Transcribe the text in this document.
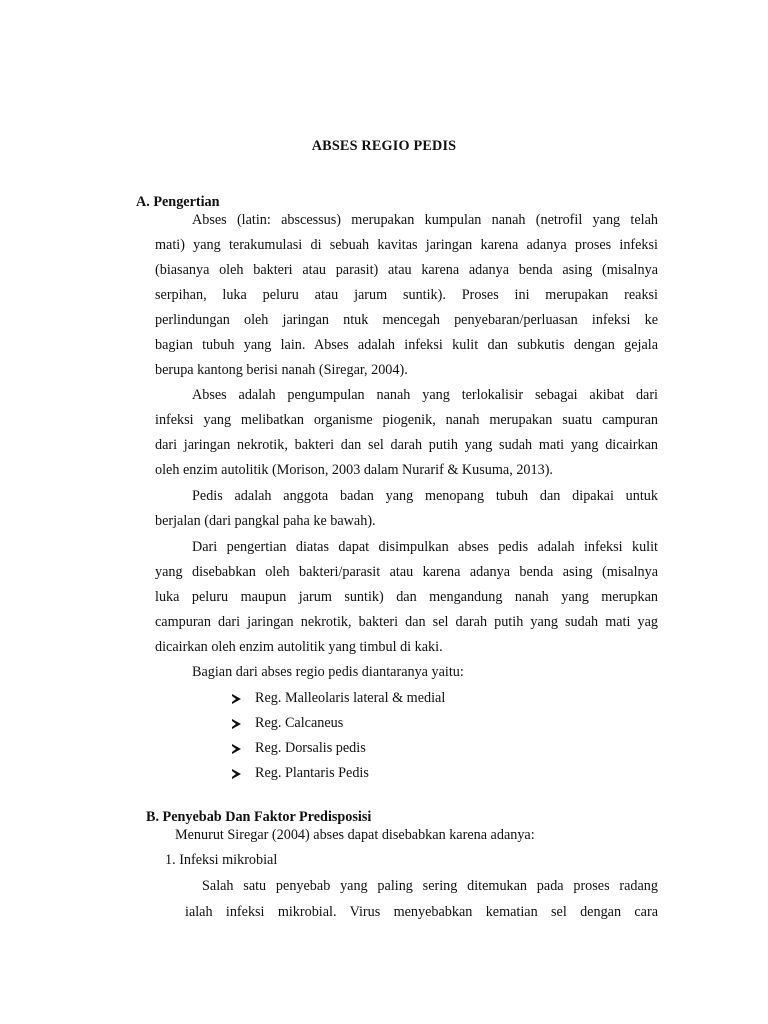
ABSES REGIO PEDIS
A. Pengertian
Abses (latin: abscessus) merupakan kumpulan nanah (netrofil yang telah
mati) yang terakumulasi di sebuah kavitas jaringan karena adanya proses infeksi
(biasanya oleh bakteri atau parasit) atau karena adanya benda asing (misalnya
serpihan, luka peluru atau jarum suntik). Proses ini merupakan reaksi
perlindungan oleh jaringan ntuk mencegah penyebaran/perluasan infeksi ke
bagian tubuh yang lain. Abses adalah infeksi kulit dan subkutis dengan gejala
berupa kantong berisi nanah (Siregar, 2004).
Abses adalah pengumpulan nanah yang terlokalisir sebagai akibat dari
infeksi yang melibatkan organisme piogenik, nanah merupakan suatu campuran
dari jaringan nekrotik, bakteri dan sel darah putih yang sudah mati yang dicairkan
oleh enzim autolitik (Morison, 2003 dalam Nurarif & Kusuma, 2013).
Pedis adalah anggota badan yang menopang tubuh dan dipakai untuk
berjalan (dari pangkal paha ke bawah).
Dari pengertian diatas dapat disimpulkan abses pedis adalah infeksi kulit
yang disebabkan oleh bakteri/parasit atau karena adanya benda asing (misalnya
luka peluru maupun jarum suntik) dan mengandung nanah yang merupkan
campuran dari jaringan nekrotik, bakteri dan sel darah putih yang sudah mati yag
dicairkan oleh enzim autolitik yang timbul di kaki.
Bagian dari abses regio pedis diantaranya yaitu:
Reg. Malleolaris lateral & medial
Reg. Calcaneus
Reg. Dorsalis pedis
Reg. Plantaris Pedis
B. Penyebab Dan Faktor Predisposisi
Menurut Siregar (2004) abses dapat disebabkan karena adanya:
1. Infeksi mikrobial
Salah satu penyebab yang paling sering ditemukan pada proses radang
ialah infeksi mikrobial. Virus menyebabkan kematian sel dengan cara
